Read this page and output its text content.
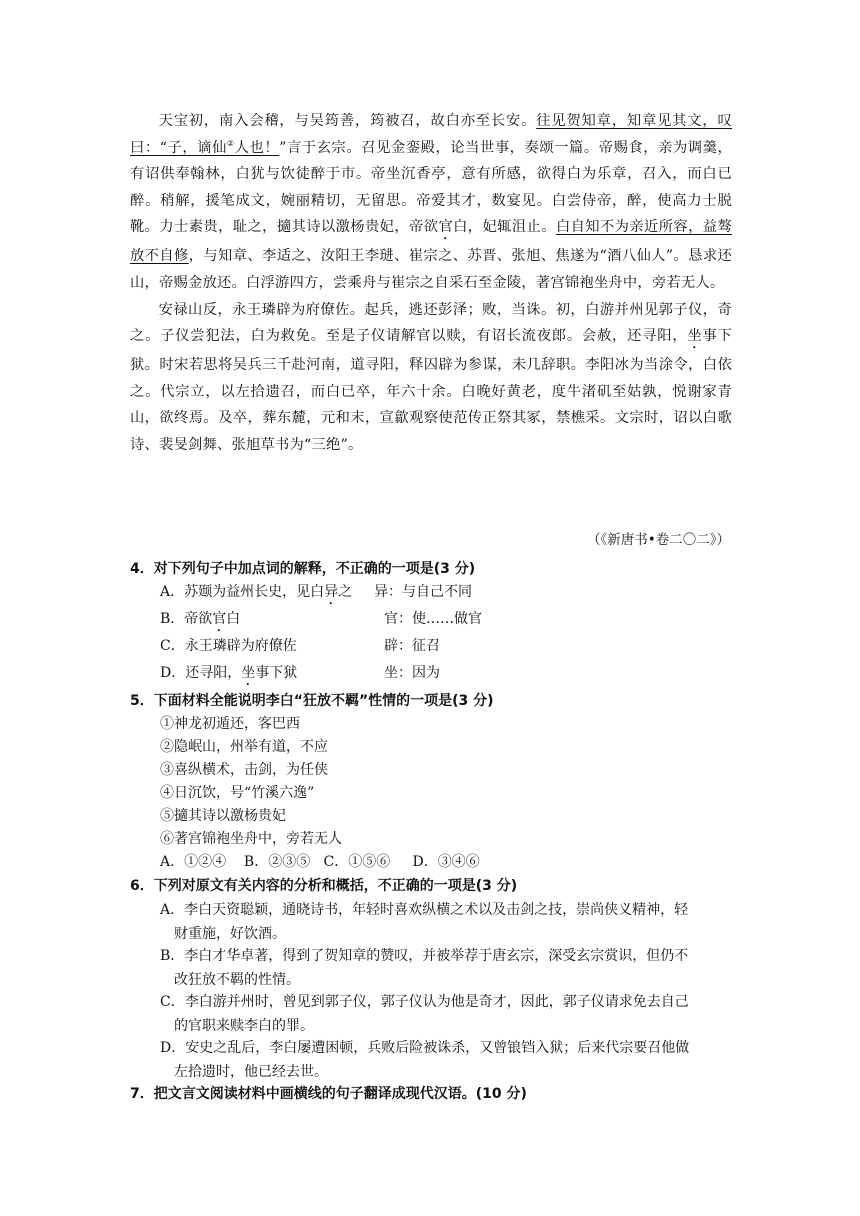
天宝初，南入会稽，与吴筠善，筠被召，故白亦至长安。往见贺知章，知章见其文，叹曰：“子，谪仙②人也！”言于玄宗。召见金銮殿，论当世事，奏颂一篇。帝赐食，亲为调羹，有诏供奉翰林，白犹与饮徒醉于市。帝坐沉香亭，意有所感，欲得白为乐章，召入，而白已醉。稍解，援笔成文，婉丽精切，无留思。帝爱其才，数宴见。白尝侍帝，醉，使高力士脱靴。力士素贵，耻之，擿其诗以激杨贵妃，帝欲官白，妃辄沮止。白自知不为亲近所容，益骜放不自修，与知章、李适之、汝阳王李琎、崔宗之、苏晋、张旭、焦遂为“酒八仙人”。恳求还山，帝赐金放还。白浮游四方，尝乘舟与崔宗之自采石至金陵，著宫锦袍坐舟中，旁若无人。

安禄山反，永王璘辟为府僚佐。起兵，逃还彭泽；败，当诛。初，白游并州见郭子仪，奇之。子仪尝犯法，白为救免。至是子仪请解官以赎，有诏长流夜郎。会赦，还寻阳，坐事下狱。时宋若思将吴兵三千赴河南，道寻阳，释囚辟为参谋，未几辞职。李阳冰为当涂令，白依之。代宗立，以左拾遗召，而白已卒，年六十余。白晚好黄老，度牛渚矶至姑孰，悦谢家青山，欲终焉。及卒，葬东麓，元和末，宣歙观察使范传正祭其冢，禁樵采。文宗时，诏以白歌诗、裴旻剑舞、张旭草书为“三绝”。

（《新唐书•卷二〇二》）
4．对下列句子中加点词的解释，不正确的一项是(3 分)
A．苏颋为益州长史，见白异之 异：与自己不同
B．帝欲官白	官：使……做官
C．永王璘辟为府僚佐	辟：征召
D．还寻阳，坐事下狱	坐：因为
5．下面材料全能说明李白“狂放不羁”性情的一项是(3 分)
①神龙初遁还，客巴西
②隐岷山，州举有道，不应
③喜纵横术，击剑，为任侠
④日沉饮，号“竹溪六逸”
⑤擿其诗以激杨贵妃
⑥著宫锦袍坐舟中，旁若无人
A．①②④    B．②③⑤   C．①⑤⑥     D．③④⑥
6．下列对原文有关内容的分析和概括，不正确的一项是(3 分)
A．李白天资聪颖，通晓诗书，年轻时喜欢纵横之术以及击剑之技，崇尚侠义精神，轻
财重施，好饮酒。
B．李白才华卓著，得到了贺知章的赞叹，并被举荐于唐玄宗，深受玄宗赏识，但仍不
改狂放不羁的性情。
C．李白游并州时，曾见到郭子仪，郭子仪认为他是奇才，因此，郭子仪请求免去自己
的官职来赎李白的罪。
D．安史之乱后，李白屡遭困顿，兵败后险被诛杀，又曾锒铛入狱；后来代宗要召他做
左拾遗时，他已经去世。
7．把文言文阅读材料中画横线的句子翻译成现代汉语。(10 分)
